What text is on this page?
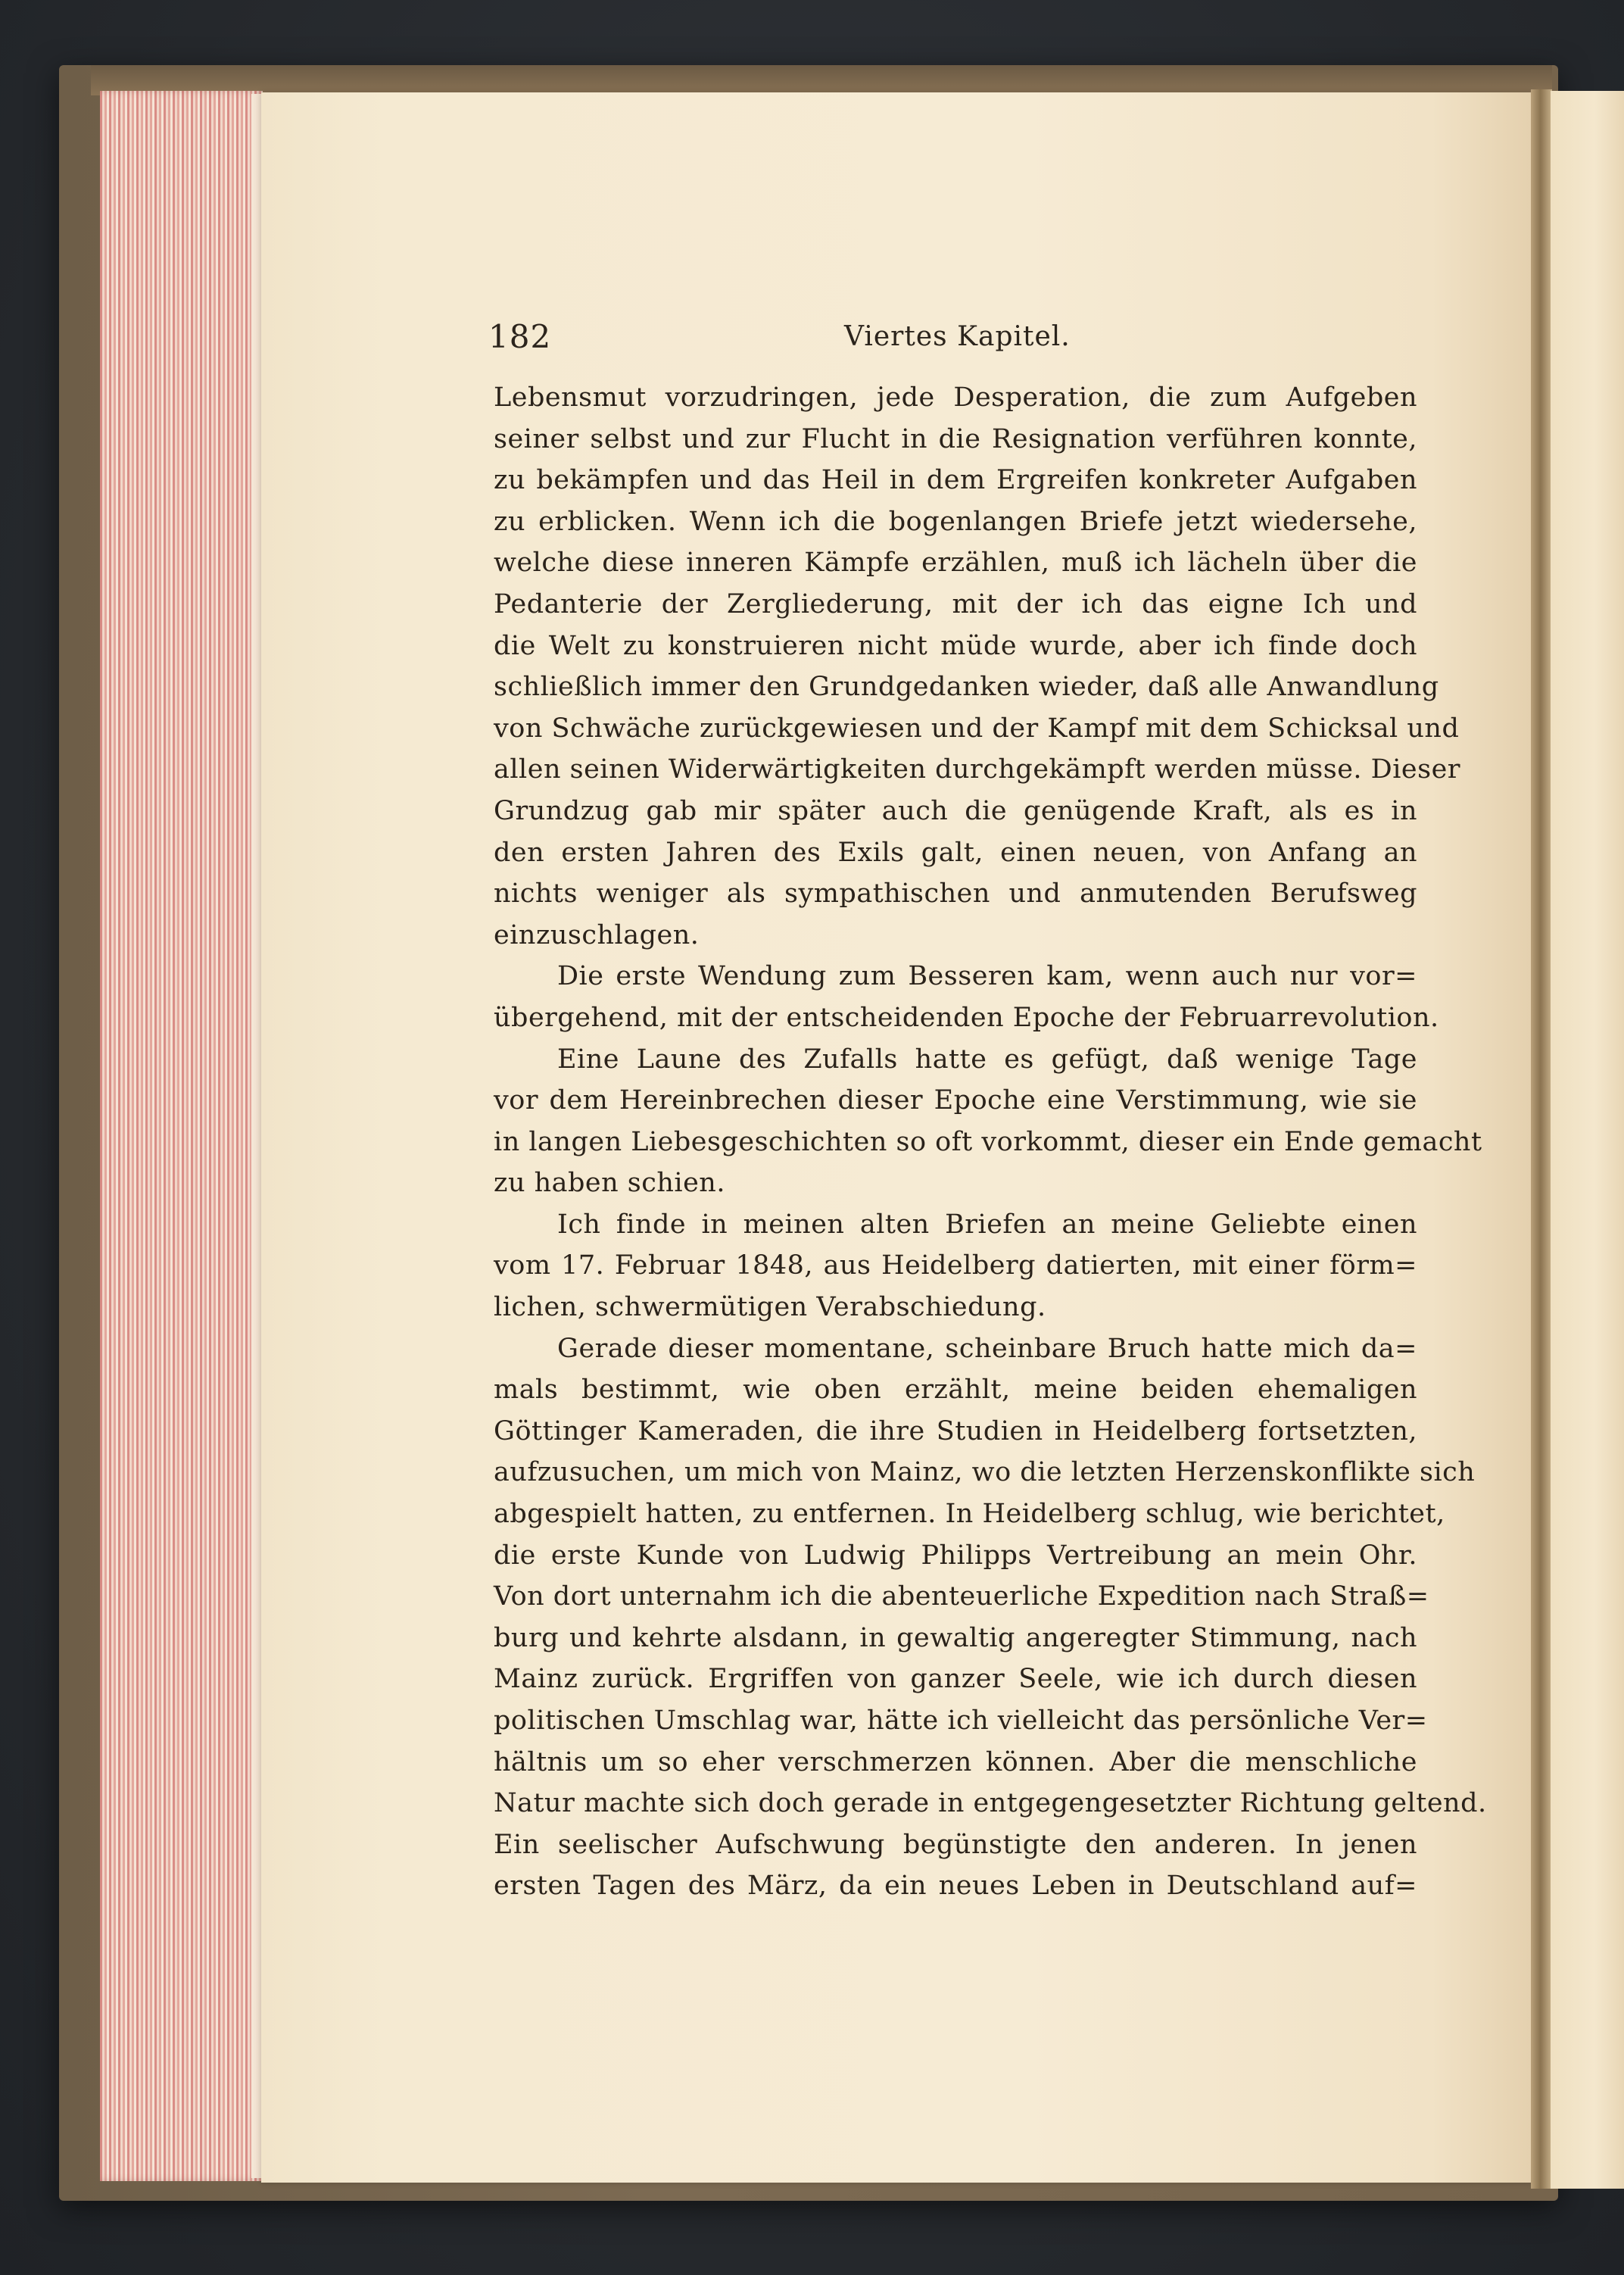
182	Viertes Kapitel.
Lebensmut vorzudringen, jede Desperation, die zum Aufgeben
seiner selbst und zur Flucht in die Resignation verführen konnte,
zu bekämpfen und das Heil in dem Ergreifen konkreter Aufgaben
zu erblicken. Wenn ich die bogenlangen Briefe jetzt wiedersehe,
welche diese inneren Kämpfe erzählen, muß ich lächeln über die
Pedanterie der Zergliederung, mit der ich das eigne Ich und
die Welt zu konstruieren nicht müde wurde, aber ich finde doch
schließlich immer den Grundgedanken wieder, daß alle Anwandlung
von Schwäche zurückgewiesen und der Kampf mit dem Schicksal und
allen seinen Widerwärtigkeiten durchgekämpft werden müsse. Dieser
Grundzug gab mir später auch die genügende Kraft, als es in
den ersten Jahren des Exils galt, einen neuen, von Anfang an
nichts weniger als sympathischen und anmutenden Berufsweg
einzuschlagen.
Die erste Wendung zum Besseren kam, wenn auch nur vor=
übergehend, mit der entscheidenden Epoche der Februarrevolution.
Eine Laune des Zufalls hatte es gefügt, daß wenige Tage
vor dem Hereinbrechen dieser Epoche eine Verstimmung, wie sie
in langen Liebesgeschichten so oft vorkommt, dieser ein Ende gemacht
zu haben schien.
Ich finde in meinen alten Briefen an meine Geliebte einen
vom 17. Februar 1848, aus Heidelberg datierten, mit einer förm=
lichen, schwermütigen Verabschiedung.
Gerade dieser momentane, scheinbare Bruch hatte mich da=
mals bestimmt, wie oben erzählt, meine beiden ehemaligen
Göttinger Kameraden, die ihre Studien in Heidelberg fortsetzten,
aufzusuchen, um mich von Mainz, wo die letzten Herzenskonflikte sich
abgespielt hatten, zu entfernen. In Heidelberg schlug, wie berichtet,
die erste Kunde von Ludwig Philipps Vertreibung an mein Ohr.
Von dort unternahm ich die abenteuerliche Expedition nach Straß=
burg und kehrte alsdann, in gewaltig angeregter Stimmung, nach
Mainz zurück. Ergriffen von ganzer Seele, wie ich durch diesen
politischen Umschlag war, hätte ich vielleicht das persönliche Ver=
hältnis um so eher verschmerzen können. Aber die menschliche
Natur machte sich doch gerade in entgegengesetzter Richtung geltend.
Ein seelischer Aufschwung begünstigte den anderen. In jenen
ersten Tagen des März, da ein neues Leben in Deutschland auf=
